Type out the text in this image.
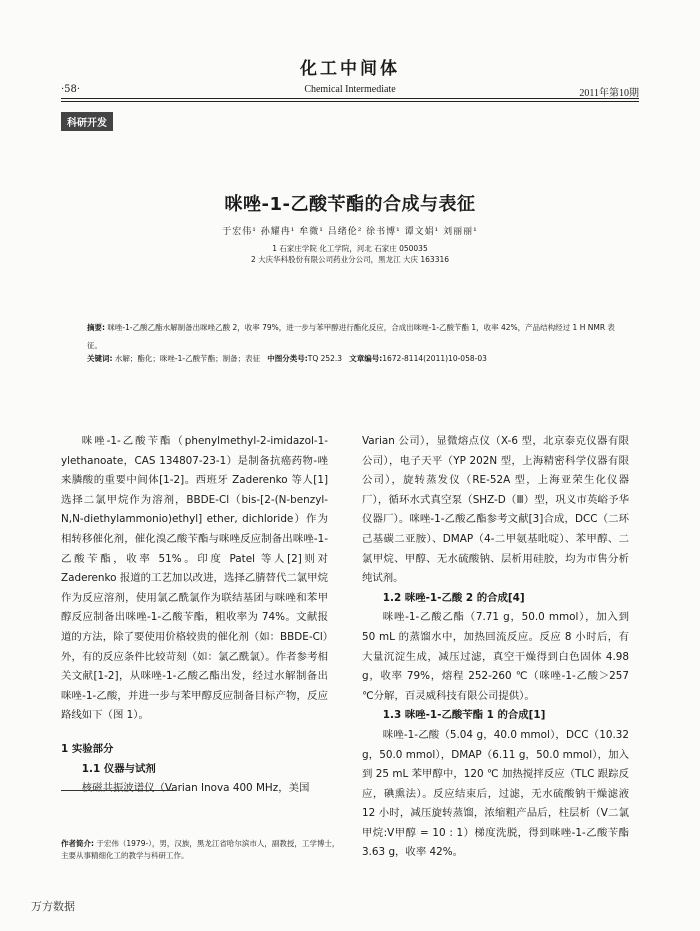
化工中间体
·58·	Chemical Intermediate	2011年第10期
科研开发
咪唑-1-乙酸苄酯的合成与表征
于宏伟¹ 孙耀冉¹ 牟微¹ 吕绪伦² 徐书博¹ 谭文娟¹ 刘丽丽¹
1 石家庄学院 化工学院，河北 石家庄 050035
2 大庆华科股份有限公司药业分公司，黑龙江 大庆 163316
摘要: 咪唑-1-乙酸乙酯水解制备出咪唑乙酸 2，收率 79%，进一步与苯甲醇进行酯化反应，合成出咪唑-1-乙酸苄酯 1，收率 42%，产品结构经过 1 H NMR 表征。
关键词: 水解；酯化；咪唑-1-乙酸苄酯；制备；表征 中图分类号:TQ 252.3 文章编号:1672-8114(2011)10-058-03

咪唑-1-乙酸苄酯（phenylmethyl-2-imidazol-1-ylethanoate，CAS 134807-23-1）是制备抗癌药物-唑来膦酸的重要中间体[1-2]。西班牙 Zaderenko 等人[1]选择二氯甲烷作为溶剂，BBDE-Cl（bis-[2-(N-benzyl-N,N-diethylammonio)ethyl] ether, dichloride）作为相转移催化剂，催化溴乙酸苄酯与咪唑反应制备出咪唑-1-乙酸苄酯，收率 51%。印度 Patel 等人[2]则对 Zaderenko 报道的工艺加以改进，选择乙腈替代二氯甲烷作为反应溶剂，使用氯乙酰氯作为联结基团与咪唑和苯甲醇反应制备出咪唑-1-乙酸苄酯，粗收率为 74%。文献报道的方法，除了要使用价格较贵的催化剂（如：BBDE-Cl）外，有的反应条件比较苛刻（如：氯乙酰氯）。作者参考相关文献[1-2]，从咪唑-1-乙酸乙酯出发，经过水解制备出咪唑-1-乙酸，并进一步与苯甲醇反应制备目标产物，反应路线如下（图 1）。

1 实验部分
1.1 仪器与试剂

核磁共振波谱仪（Varian Inova 400 MHz，美国

Varian 公司），显微熔点仪（X-6 型，北京泰克仪器有限公司），电子天平（YP 202N 型，上海精密科学仪器有限公司），旋转蒸发仪（RE-52A 型，上海亚荣生化仪器厂），循环水式真空泵（SHZ-D（Ⅲ）型，巩义市英峪予华仪器厂）。咪唑-1-乙酸乙酯参考文献[3]合成，DCC（二环己基碳二亚胺）、DMAP（4-二甲氨基吡啶）、苯甲醇、二氯甲烷、甲醇、无水硫酸钠、层析用硅胶，均为市售分析纯试剂。

1.2 咪唑-1-乙酸 2 的合成[4]

咪唑-1-乙酸乙酯（7.71 g，50.0 mmol），加入到 50 mL 的蒸馏水中，加热回流反应。反应 8 小时后，有大量沉淀生成，减压过滤，真空干燥得到白色固体 4.98 g，收率 79%，熔程 252-260 ℃（咪唑-1-乙酸＞257 ℃分解，百灵威科技有限公司提供）。

1.3 咪唑-1-乙酸苄酯 1 的合成[1]

咪唑-1-乙酸（5.04 g，40.0 mmol），DCC（10.32 g，50.0 mmol），DMAP（6.11 g，50.0 mmol），加入到 25 mL 苯甲醇中，120 ℃ 加热搅拌反应（TLC 跟踪反应，碘熏法）。反应结束后，过滤，无水硫酸钠干燥滤液 12 小时，减压旋转蒸馏，浓缩粗产品后，柱层析（V二氯甲烷:V甲醇 = 10 : 1）梯度洗脱，得到咪唑-1-乙酸苄酯 3.63 g，收率 42%。

作者简介: 于宏伟（1979-），男，汉族，黑龙江省哈尔滨市人，副教授，工学博士，主要从事精细化工的教学与科研工作。
万方数据
